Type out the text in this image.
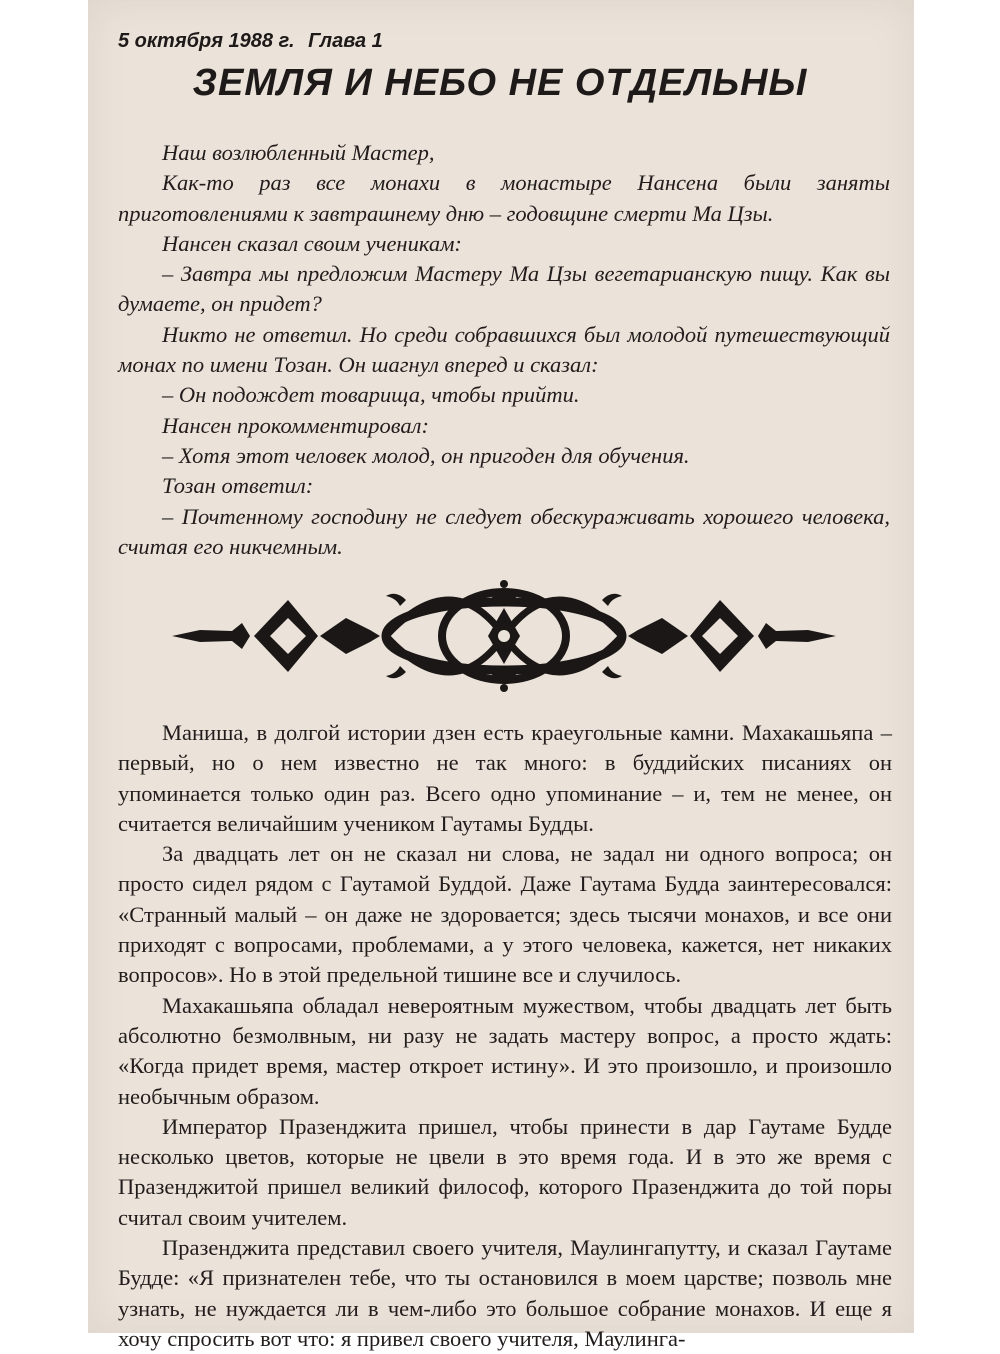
5 октября 1988 г. Глава 1
ЗЕМЛЯ И НЕБО НЕ ОТДЕЛЬНЫ

Наш возлюбленный Мастер,

Как-то раз все монахи в монастыре Нансена были заняты приготовлениями к завтрашнему дню – годовщине смерти Ма Цзы.

Нансен сказал своим ученикам:

– Завтра мы предложим Мастеру Ма Цзы вегетарианскую пищу. Как вы думаете, он придет?

Никто не ответил. Но среди собравшихся был молодой путешествующий монах по имени Тозан. Он шагнул вперед и сказал:

– Он подождет товарища, чтобы прийти.

Нансен прокомментировал:

– Хотя этот человек молод, он пригоден для обучения.

Тозан ответил:

– Почтенному господину не следует обескураживать хорошего человека, считая его никчемным.

Маниша, в долгой истории дзен есть краеугольные камни. Махакашьяпа – первый, но о нем известно не так много: в буддийских писаниях он упоминается только один раз. Всего одно упоминание – и, тем не менее, он считается величайшим учеником Гаутамы Будды.

За двадцать лет он не сказал ни слова, не задал ни одного вопроса; он просто сидел рядом с Гаутамой Буддой. Даже Гаутама Будда заинтересовался: «Странный малый – он даже не здоровается; здесь тысячи монахов, и все они приходят с вопросами, проблемами, а у этого человека, кажется, нет никаких вопросов». Но в этой предельной тишине все и случилось.

Махакашьяпа обладал невероятным мужеством, чтобы двадцать лет быть абсолютно безмолвным, ни разу не задать мастеру вопрос, а просто ждать: «Когда придет время, мастер откроет истину». И это произошло, и произошло необычным образом.

Император Празенджита пришел, чтобы принести в дар Гаутаме Будде несколько цветов, которые не цвели в это время года. И в это же время с Празенджитой пришел великий философ, которого Празенджита до той поры считал своим учителем.

Празенджита представил своего учителя, Маулингапутту, и сказал Гаутаме Будде: «Я признателен тебе, что ты остановился в моем царстве; позволь мне узнать, не нуждается ли в чем-либо это большое собрание монахов. И еще я хочу спросить вот что: я привел своего учителя, Маулинга-
